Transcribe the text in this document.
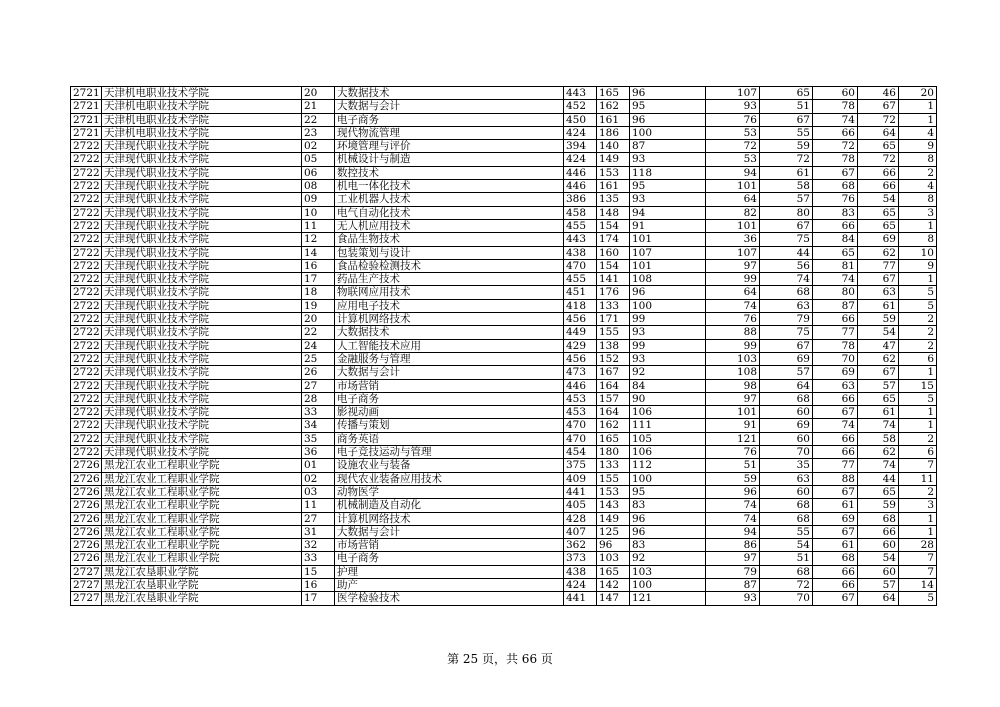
2721	天津机电职业技术学院	20	大数据技术	443	165	96	107	65	60	46	20
2721	天津机电职业技术学院	21	大数据与会计	452	162	95	93	51	78	67	1
2721	天津机电职业技术学院	22	电子商务	450	161	96	76	67	74	72	1
2721	天津机电职业技术学院	23	现代物流管理	424	186	100	53	55	66	64	4
2722	天津现代职业技术学院	02	环境管理与评价	394	140	87	72	59	72	65	9
2722	天津现代职业技术学院	05	机械设计与制造	424	149	93	53	72	78	72	8
2722	天津现代职业技术学院	06	数控技术	446	153	118	94	61	67	66	2
2722	天津现代职业技术学院	08	机电一体化技术	446	161	95	101	58	68	66	4
2722	天津现代职业技术学院	09	工业机器人技术	386	135	93	64	57	76	54	8
2722	天津现代职业技术学院	10	电气自动化技术	458	148	94	82	80	83	65	3
2722	天津现代职业技术学院	11	无人机应用技术	455	154	91	101	67	66	65	1
2722	天津现代职业技术学院	12	食品生物技术	443	174	101	36	75	84	69	8
2722	天津现代职业技术学院	14	包装策划与设计	438	160	107	107	44	65	62	10
2722	天津现代职业技术学院	16	食品检验检测技术	470	154	101	97	56	81	77	9
2722	天津现代职业技术学院	17	药品生产技术	455	141	108	99	74	74	67	1
2722	天津现代职业技术学院	18	物联网应用技术	451	176	96	64	68	80	63	5
2722	天津现代职业技术学院	19	应用电子技术	418	133	100	74	63	87	61	5
2722	天津现代职业技术学院	20	计算机网络技术	456	171	99	76	79	66	59	2
2722	天津现代职业技术学院	22	大数据技术	449	155	93	88	75	77	54	2
2722	天津现代职业技术学院	24	人工智能技术应用	429	138	99	99	67	78	47	2
2722	天津现代职业技术学院	25	金融服务与管理	456	152	93	103	69	70	62	6
2722	天津现代职业技术学院	26	大数据与会计	473	167	92	108	57	69	67	1
2722	天津现代职业技术学院	27	市场营销	446	164	84	98	64	63	57	15
2722	天津现代职业技术学院	28	电子商务	453	157	90	97	68	66	65	5
2722	天津现代职业技术学院	33	影视动画	453	164	106	101	60	67	61	1
2722	天津现代职业技术学院	34	传播与策划	470	162	111	91	69	74	74	1
2722	天津现代职业技术学院	35	商务英语	470	165	105	121	60	66	58	2
2722	天津现代职业技术学院	36	电子竞技运动与管理	454	180	106	76	70	66	62	6
2726	黑龙江农业工程职业学院	01	设施农业与装备	375	133	112	51	35	77	74	7
2726	黑龙江农业工程职业学院	02	现代农业装备应用技术	409	155	100	59	63	88	44	11
2726	黑龙江农业工程职业学院	03	动物医学	441	153	95	96	60	67	65	2
2726	黑龙江农业工程职业学院	11	机械制造及自动化	405	143	83	74	68	61	59	3
2726	黑龙江农业工程职业学院	27	计算机网络技术	428	149	96	74	68	69	68	1
2726	黑龙江农业工程职业学院	31	大数据与会计	407	125	96	94	55	67	66	1
2726	黑龙江农业工程职业学院	32	市场营销	362	96	83	86	54	61	60	28
2726	黑龙江农业工程职业学院	33	电子商务	373	103	92	97	51	68	54	7
2727	黑龙江农垦职业学院	15	护理	438	165	103	79	68	66	60	7
2727	黑龙江农垦职业学院	16	助产	424	142	100	87	72	66	57	14
2727	黑龙江农垦职业学院	17	医学检验技术	441	147	121	93	70	67	64	5
第 25 页，共 66 页
